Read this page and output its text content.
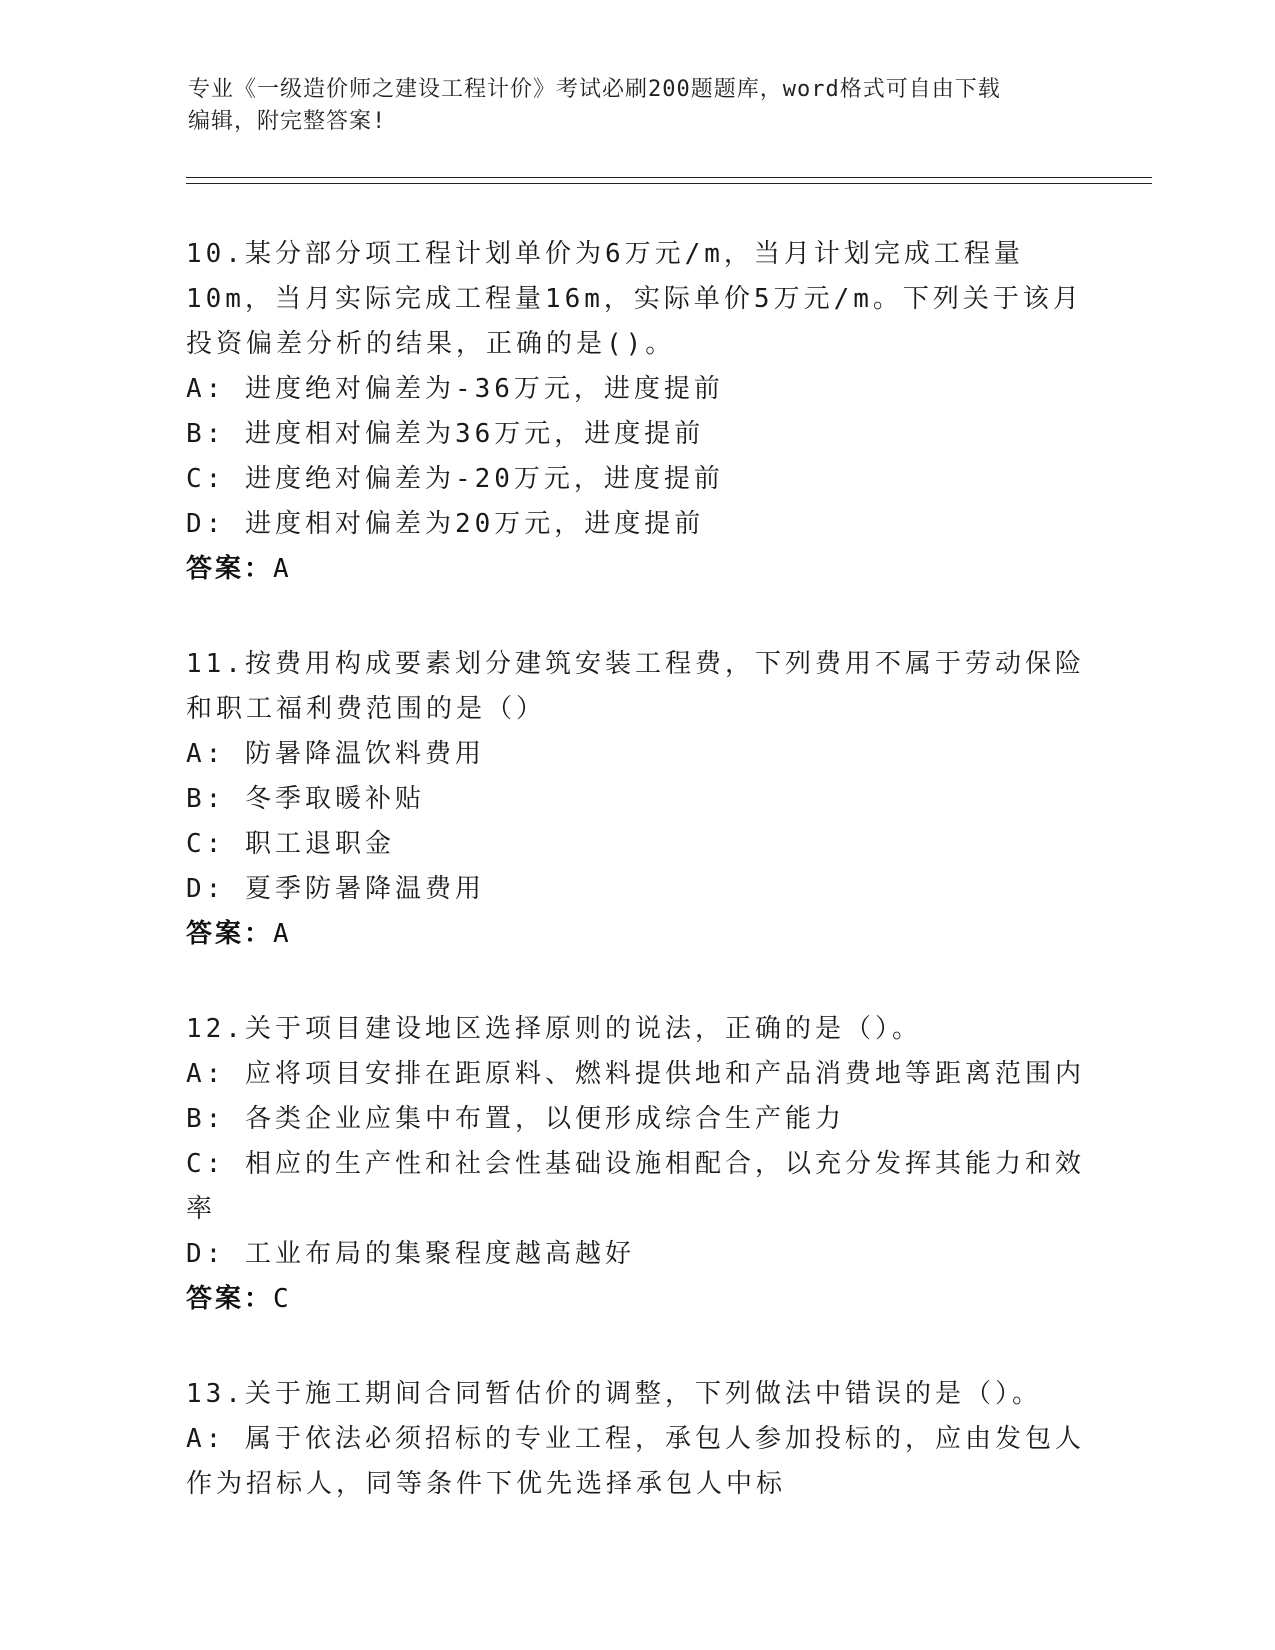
专业《一级造价师之建设工程计价》考试必刷200题题库，word格式可自由下载
编辑，附完整答案!

10.某分部分项工程计划单价为6万元/m，当月计划完成工程量10m，当月实际完成工程量16m，实际单价5万元/m。下列关于该月投资偏差分析的结果，正确的是()。

A: 进度绝对偏差为-36万元，进度提前

B: 进度相对偏差为36万元，进度提前

C: 进度绝对偏差为-20万元，进度提前

D: 进度相对偏差为20万元，进度提前

答案：A

11.按费用构成要素划分建筑安装工程费，下列费用不属于劳动保险和职工福利费范围的是（）

A: 防暑降温饮料费用

B: 冬季取暖补贴

C: 职工退职金

D: 夏季防暑降温费用

答案：A

12.关于项目建设地区选择原则的说法，正确的是（）。

A: 应将项目安排在距原料、燃料提供地和产品消费地等距离范围内

B: 各类企业应集中布置，以便形成综合生产能力

C: 相应的生产性和社会性基础设施相配合，以充分发挥其能力和效率

D: 工业布局的集聚程度越高越好

答案：C

13.关于施工期间合同暂估价的调整，下列做法中错误的是（）。

A: 属于依法必须招标的专业工程，承包人参加投标的，应由发包人作为招标人，同等条件下优先选择承包人中标
